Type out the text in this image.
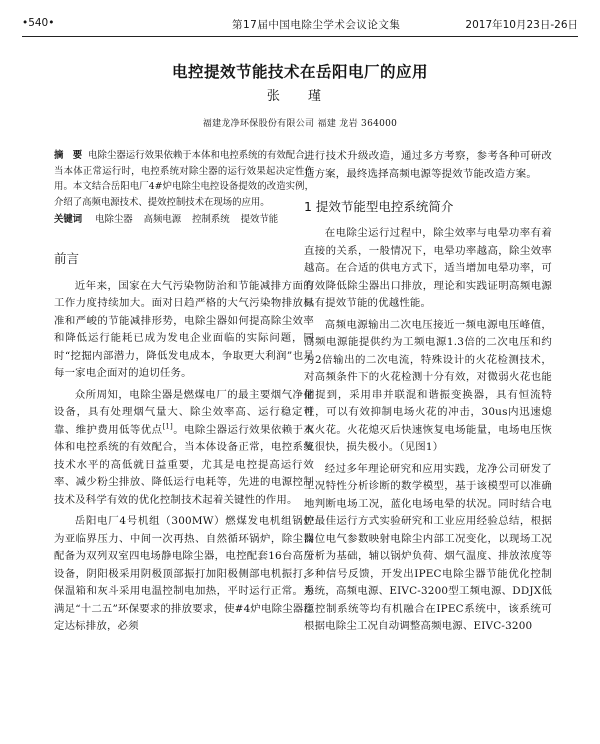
•540•	第17届中国电除尘学术会议论文集	2017年10月23日-26日
电控提效节能技术在岳阳电厂的应用
张 瑾
福建龙净环保股份有限公司 福建 龙岩 364000

摘 要 电除尘器运行效果依赖于本体和电控系统的有效配合，当本体正常运行时，电控系统对除尘器的运行效果起决定性作用。本文结合岳阳电厂4#炉电除尘电控设备提效的改造实例，介绍了高频电源技术、提效控制技术在现场的应用。

关键词 电除尘器 高频电源 控制系统 提效节能

前言

近年来，国家在大气污染物防治和节能减排方面的工作力度持续加大。面对日趋严格的大气污染物排放标准和严峻的节能减排形势，电除尘器如何提高除尘效率和降低运行能耗已成为发电企业面临的实际问题，同时“挖掘内部潜力，降低发电成本，争取更大利润”也是每一家电企面对的迫切任务。

众所周知，电除尘器是燃煤电厂的最主要烟气净化设备，具有处理烟气量大、除尘效率高、运行稳定可靠、维护费用低等优点[1]。电除尘器运行效果依赖于本体和电控系统的有效配合，当本体设备正常，电控系统技术水平的高低就日益重要，尤其是电控提高运行效率、减少粉尘排放、降低运行电耗等，先进的电源控制技术及科学有效的优化控制技术起着关键性的作用。

岳阳电厂4号机组（300MW）燃煤发电机组锅炉为亚临界压力、中间一次再热、自然循环锅炉，除尘器配备为双列双室四电场静电除尘器，电控配套16台高压设备，阴阳极采用阴极顶部振打加阳极侧部电机振打，保温箱和灰斗采用电温控制电加热，平时运行正常。为满足“十二五”环保要求的排放要求，使#4炉电除尘器稳定达标排放，必须

进行技术升级改造，通过多方考察，参考各种可研改造方案，最终选择高频电源等提效节能改造方案。

1 提效节能型电控系统简介

在电除尘运行过程中，除尘效率与电晕功率有着直接的关系，一般情况下，电晕功率越高，除尘效率越高。在合适的供电方式下，适当增加电晕功率，可有效降低除尘器出口排放，理论和实践证明高频电源具有提效节能的优越性能。

高频电源输出二次电压接近一频电源电压峰值，高频电源能提供约为工频电源1.3倍的二次电压和约为2倍输出的二次电流，特殊设计的火花检测技术，对高频条件下的火花检测十分有效，对微弱火花也能捕捉到，采用串并联混和谐振变换器，具有恒流特性，可以有效抑制电场火花的冲击，30us内迅速熄灭火花。火花熄灭后快速恢复电场能量，电场电压恢复很快，损失极小。（见图1）

经过多年理论研究和应用实践，龙净公司研发了工况特性分析诊断的数学模型，基于该模型可以准确地判断电场工况，蓝化电场电晕的状况。同时结合电控最佳运行方式实验研究和工业应用经验总结，根据岗位电气参数映射电除尘内部工况变化，以现场工况分析为基础，辅以锅炉负荷、烟气温度、排放浓度等多种信号反馈，开发出IPEC电除尘器节能优化控制系统，高频电源、EIVC-3200型工频电源、DDJX低压控制系统等均有机融合在IPEC系统中，该系统可根据电除尘工况自动调整高频电源、EIVC-3200
